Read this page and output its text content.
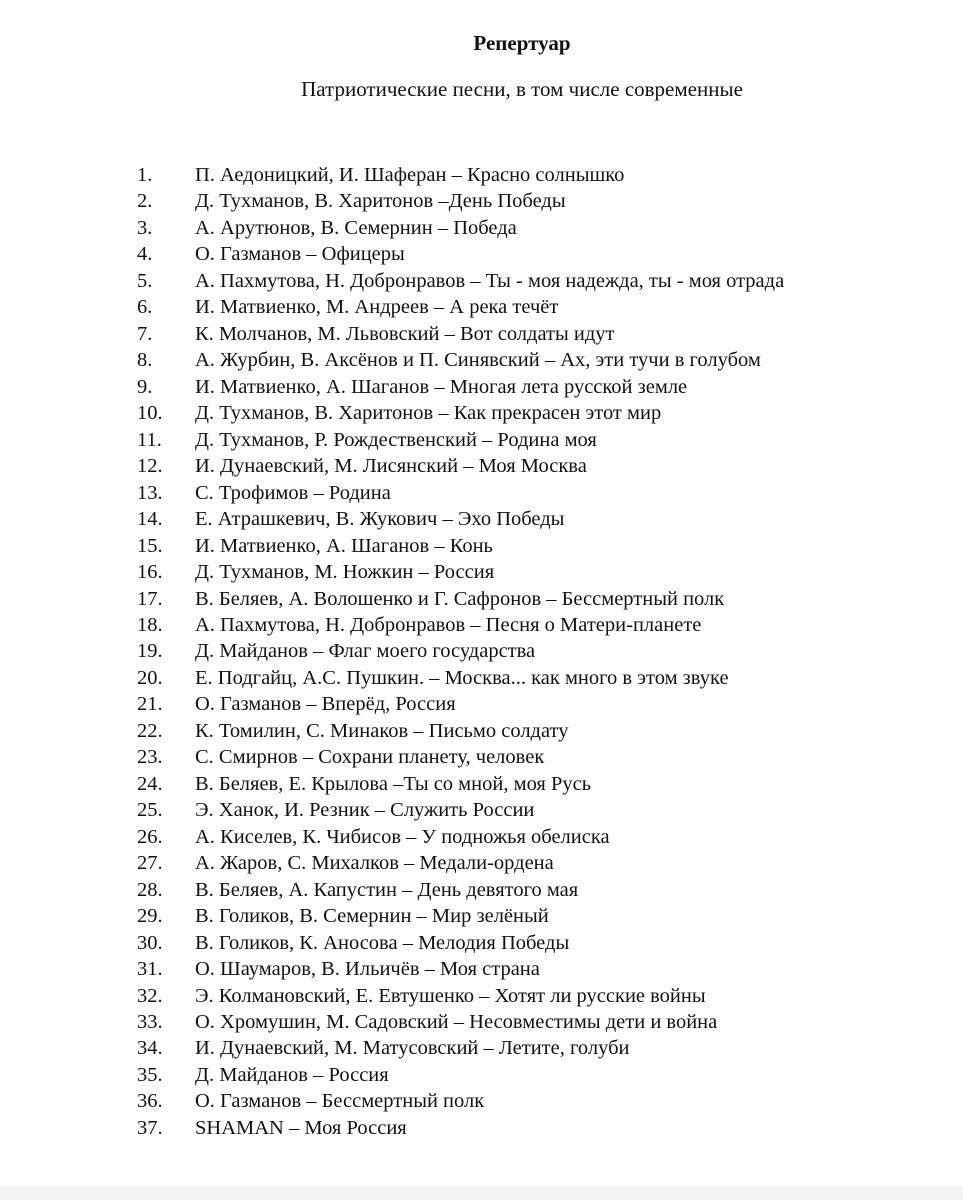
Репертуар
Патриотические песни, в том числе современные
1. П. Аедоницкий, И. Шаферан – Красно солнышко
2. Д. Тухманов, В. Харитонов –День Победы
3. А. Арутюнов, В. Семернин – Победа
4. О. Газманов – Офицеры
5. А. Пахмутова, Н. Добронравов – Ты - моя надежда, ты - моя отрада
6. И. Матвиенко, М. Андреев – А река течёт
7. К. Молчанов, М. Львовский – Вот солдаты идут
8. А. Журбин, В. Аксёнов и П. Синявский – Ах, эти тучи в голубом
9. И. Матвиенко, А. Шаганов – Многая лета русской земле
10. Д. Тухманов, В. Харитонов – Как прекрасен этот мир
11. Д. Тухманов, Р. Рождественский – Родина моя
12. И. Дунаевский, М. Лисянский – Моя Москва
13. С. Трофимов – Родина
14. Е. Атрашкевич, В. Жукович – Эхо Победы
15. И. Матвиенко, А. Шаганов – Конь
16. Д. Тухманов, М. Ножкин – Россия
17. В. Беляев, А. Волошенко и Г. Сафронов – Бессмертный полк
18. А. Пахмутова, Н. Добронравов – Песня о Матери-планете
19. Д. Майданов – Флаг моего государства
20. Е. Подгайц, А.С. Пушкин. – Москва... как много в этом звуке
21. О. Газманов – Вперёд, Россия
22. К. Томилин, С. Минаков – Письмо солдату
23. С. Смирнов – Сохрани планету, человек
24. В. Беляев, Е. Крылова –Ты со мной, моя Русь
25. Э. Ханок, И. Резник – Служить России
26. А. Киселев, К. Чибисов – У подножья обелиска
27. А. Жаров, С. Михалков – Медали-ордена
28. В. Беляев, А. Капустин – День девятого мая
29. В. Голиков, В. Семернин – Мир зелёный
30. В. Голиков, К. Аносова – Мелодия Победы
31. О. Шаумаров, В. Ильичёв – Моя страна
32. Э. Колмановский, Е. Евтушенко – Хотят ли русские войны
33. О. Хромушин, М. Садовский – Несовместимы дети и война
34. И. Дунаевский, М. Матусовский – Летите, голуби
35. Д. Майданов – Россия
36. О. Газманов – Бессмертный полк
37. SHAMAN – Моя Россия
